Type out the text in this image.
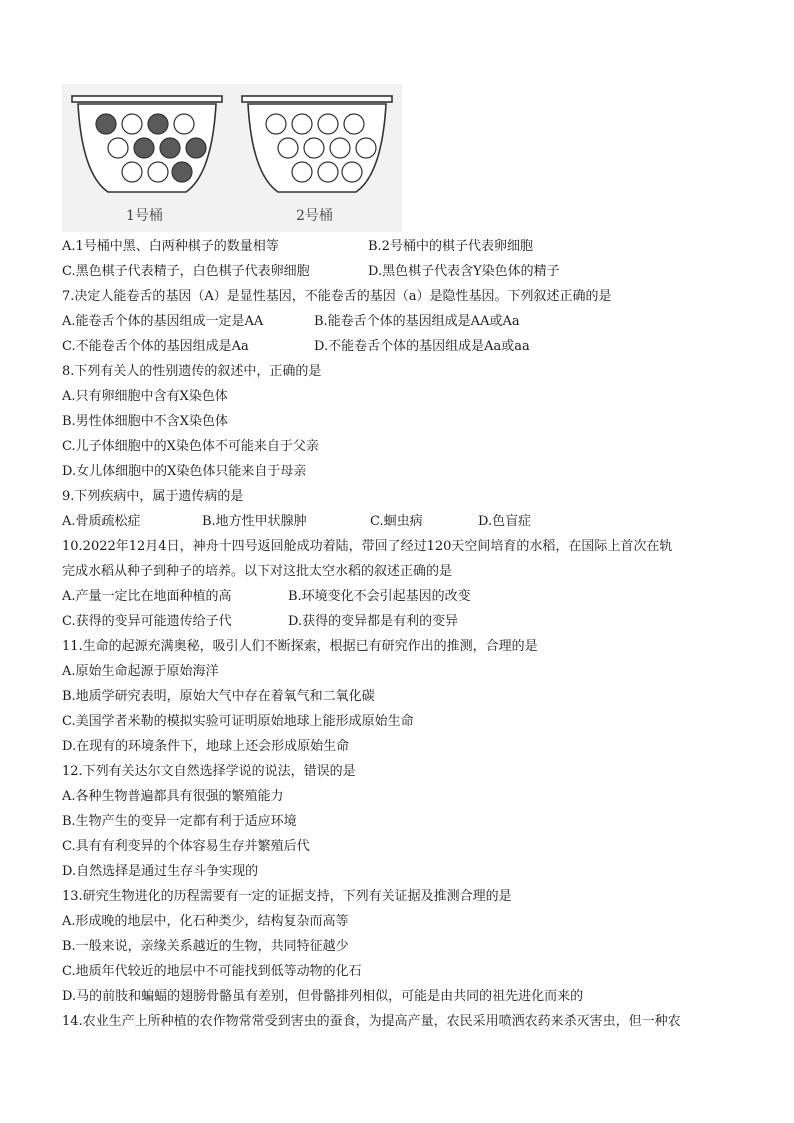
1号桶	2号桶
A.1号桶中黑、白两种棋子的数量相等	B.2号桶中的棋子代表卵细胞
C.黑色棋子代表精子，白色棋子代表卵细胞	D.黑色棋子代表含Y染色体的精子
7.决定人能卷舌的基因（A）是显性基因，不能卷舌的基因（a）是隐性基因。下列叙述正确的是
A.能卷舌个体的基因组成一定是AA	B.能卷舌个体的基因组成是AA或Aa
C.不能卷舌个体的基因组成是Aa	D.不能卷舌个体的基因组成是Aa或aa
8.下列有关人的性别遗传的叙述中，正确的是
A.只有卵细胞中含有X染色体
B.男性体细胞中不含X染色体
C.儿子体细胞中的X染色体不可能来自于父亲
D.女儿体细胞中的X染色体只能来自于母亲
9.下列疾病中，属于遗传病的是
A.骨质疏松症	B.地方性甲状腺肿	C.蛔虫病	D.色盲症
10.2022年12月4日，神舟十四号返回舱成功着陆，带回了经过120天空间培育的水稻，在国际上首次在轨
完成水稻从种子到种子的培养。以下对这批太空水稻的叙述正确的是
A.产量一定比在地面种植的高	B.环境变化不会引起基因的改变
C.获得的变异可能遗传给子代	D.获得的变异都是有利的变异
11.生命的起源充满奥秘，吸引人们不断探索，根据已有研究作出的推测，合理的是
A.原始生命起源于原始海洋
B.地质学研究表明，原始大气中存在着氧气和二氧化碳
C.美国学者米勒的模拟实验可证明原始地球上能形成原始生命
D.在现有的环境条件下，地球上还会形成原始生命
12.下列有关达尔文自然选择学说的说法，错误的是
A.各种生物普遍都具有很强的繁殖能力
B.生物产生的变异一定都有利于适应环境
C.具有有利变异的个体容易生存并繁殖后代
D.自然选择是通过生存斗争实现的
13.研究生物进化的历程需要有一定的证据支持，下列有关证据及推测合理的是
A.形成晚的地层中，化石种类少，结构复杂而高等
B.一般来说，亲缘关系越近的生物，共同特征越少
C.地质年代较近的地层中不可能找到低等动物的化石
D.马的前肢和蝙蝠的翅膀骨骼虽有差别，但骨骼排列相似，可能是由共同的祖先进化而来的
14.农业生产上所种植的农作物常常受到害虫的蚕食，为提高产量，农民采用喷洒农药来杀灭害虫，但一种农
